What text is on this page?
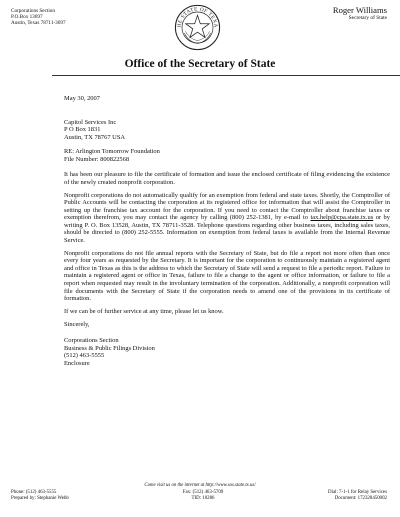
Corporations Section
P.O.Box 13697
Austin, Texas 78711-3697	HE STATE OF TEXA
Roger Williams
Secretary of State
Office of the Secretary of State
May 30, 2007
Capitol Services Inc
P O Box 1831
Austin, TX 78767 USA
RE: Arlington Tomorrow Foundation
File Number: 800822568

It has been our pleasure to file the certificate of formation and issue the enclosed certificate of filing evidencing the existence of the newly created nonprofit corporation.

Nonprofit corporations do not automatically qualify for an exemption from federal and state taxes. Shortly, the Comptroller of Public Accounts will be contacting the corporation at its registered office for information that will assist the Comptroller in setting up the franchise tax account for the corporation. If you need to contact the Comptroller about franchise taxes or exemption therefrom, you may contact the agency by calling (800) 252-1381, by e-mail to tax.help@cpa.state.tx.us or by writing P. O. Box 13528, Austin, TX 78711-3528. Telephone questions regarding other business taxes, including sales taxes, should be directed to (800) 252-5555. Information on exemption from federal taxes is available from the Internal Revenue Service.

Nonprofit corporations do not file annual reports with the Secretary of State, but do file a report not more often than once every four years as requested by the Secretary. It is important for the corporation to continuously maintain a registered agent and office in Texas as this is the address to which the Secretary of State will send a request to file a periodic report. Failure to maintain a registered agent or office in Texas, failure to file a change to the agent or office information, or failure to file a report when requested may result in the involuntary termination of the corporation. Additionally, a nonprofit corporation will file documents with the Secretary of State if the corporation needs to amend one of the provisions in its certificate of formation.

If we can be of further service at any time, please let us know.

Sincerely,
Corporations Section
Business & Public Filings Division
(512) 463-5555
Enclosure
Come visit us on the internet at http://www.sos.state.tx.us/
Phone: (512) 463-5555
Prepared by: Stephanie Webb
Fax: (512) 463-5709
TID: 10286
Dial: 7-1-1 for Relay Services
Document: 172328450002
